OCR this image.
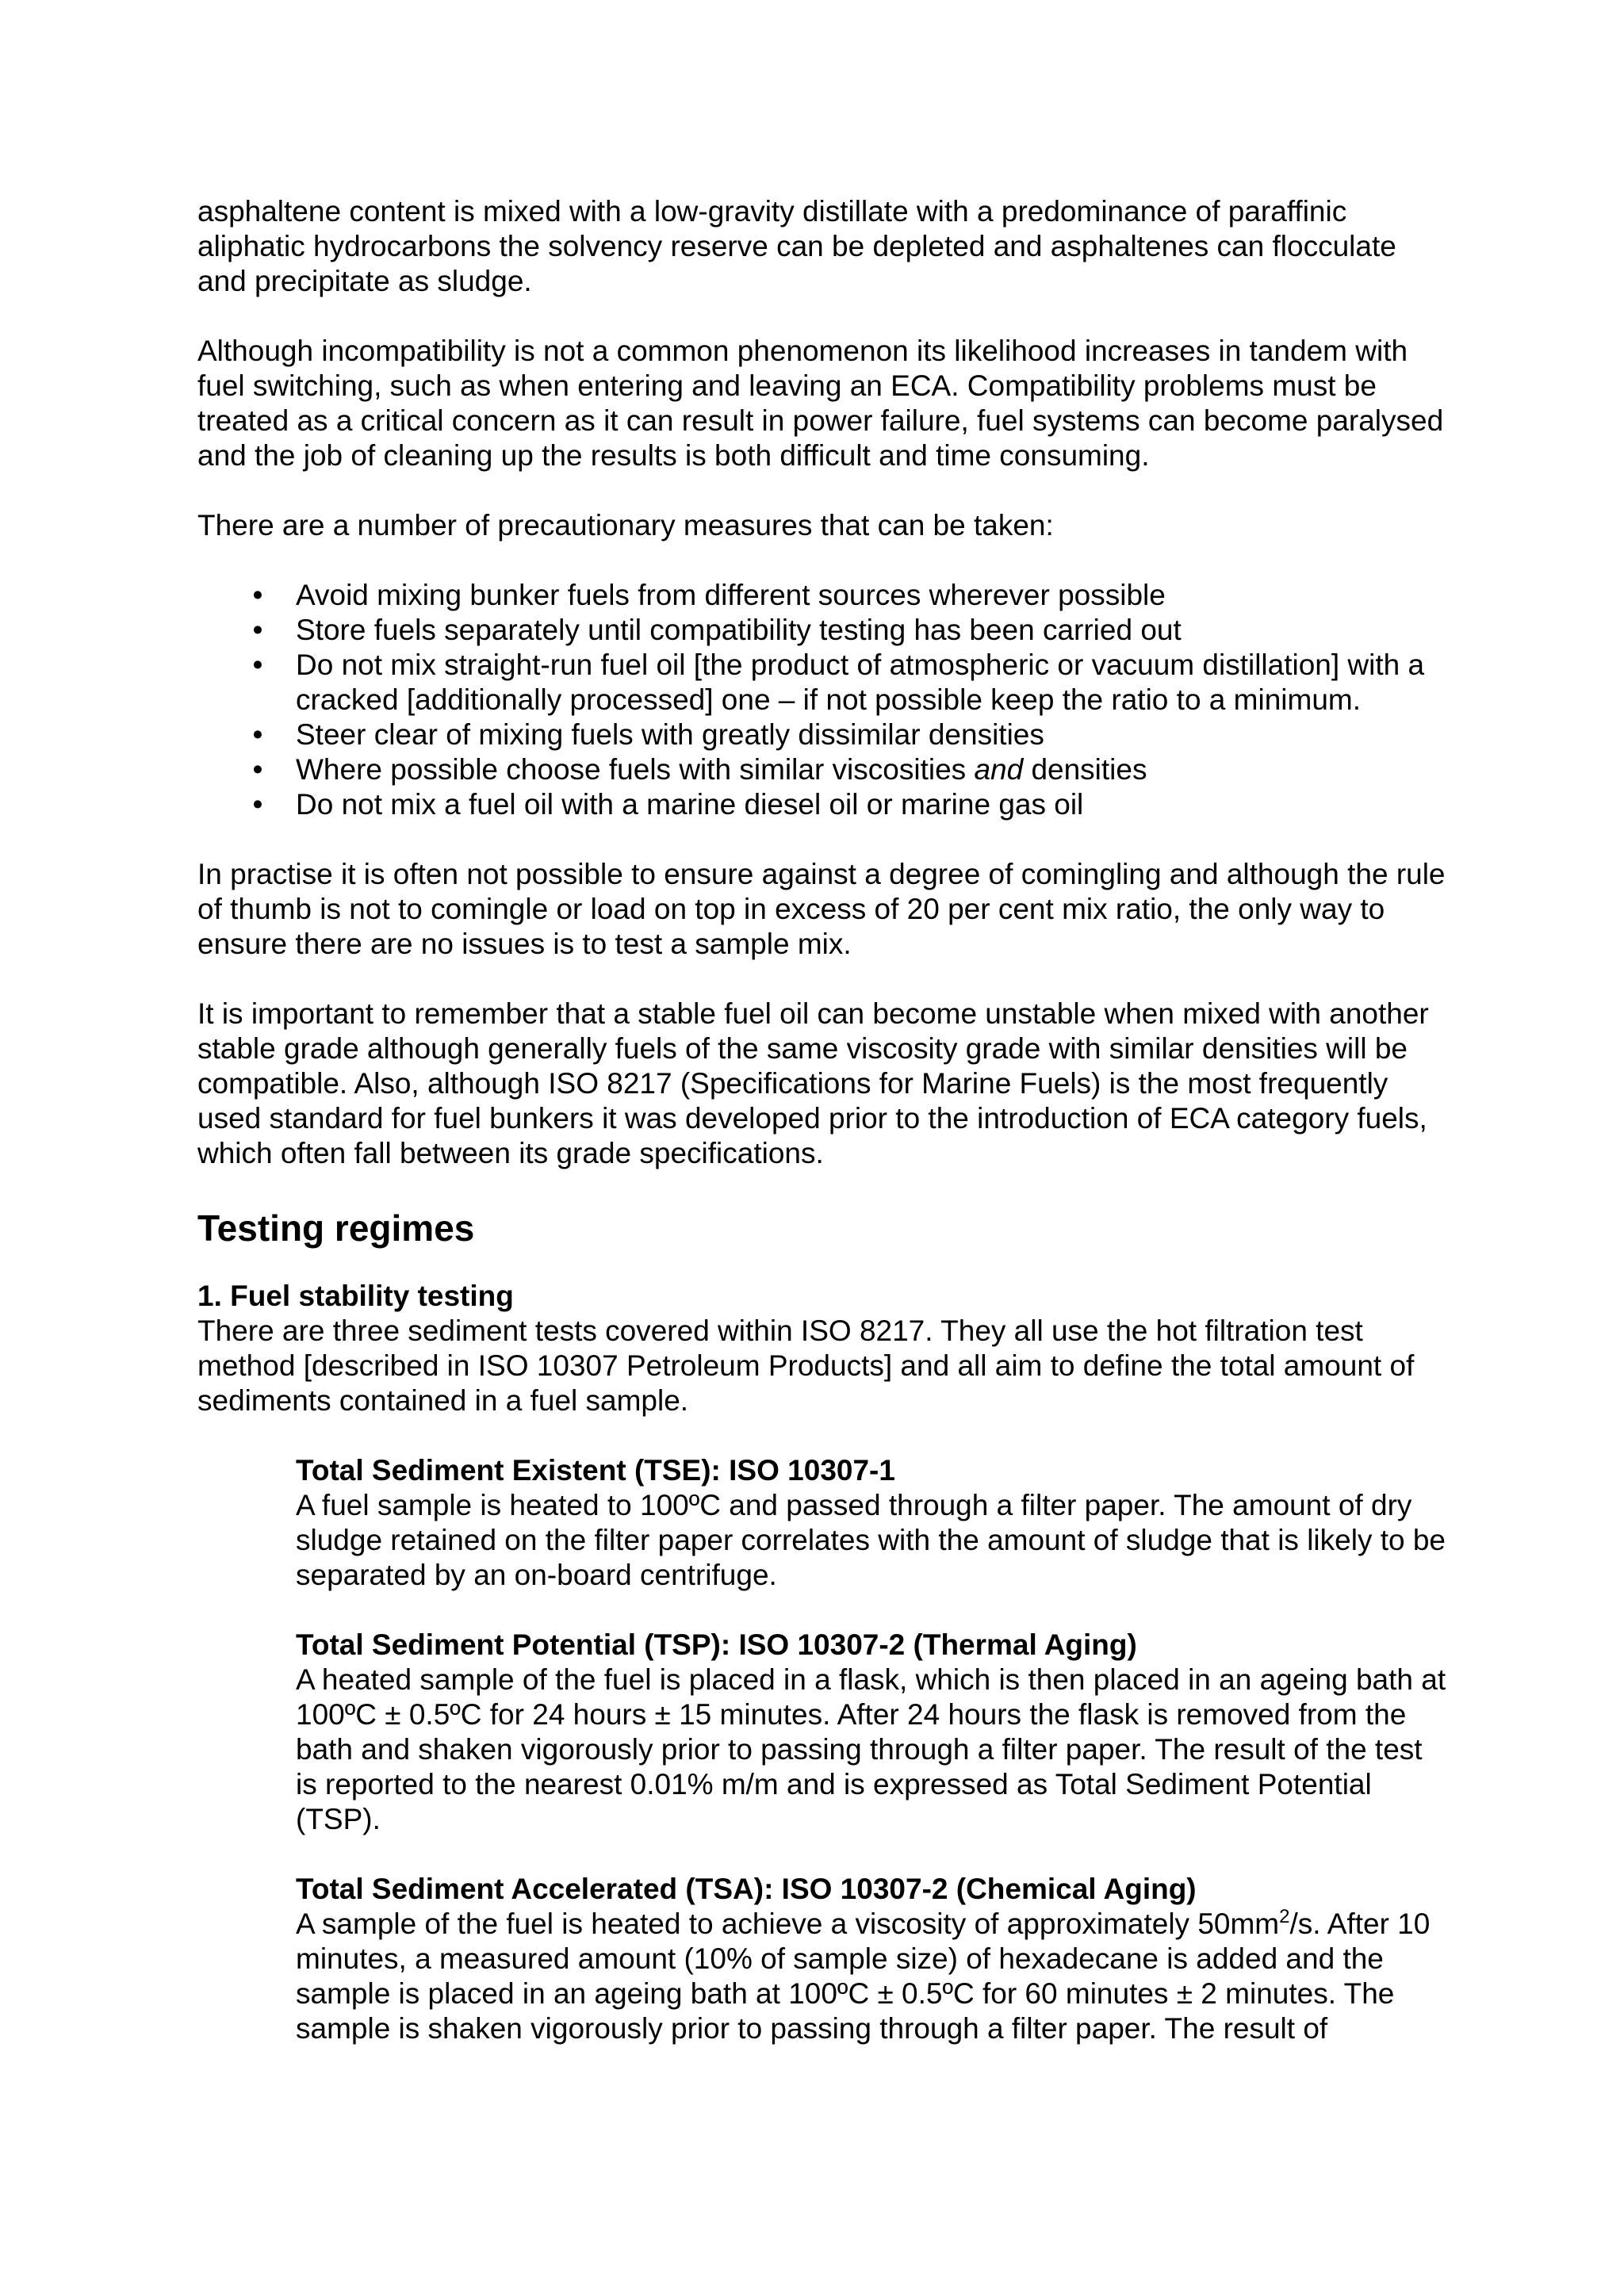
asphaltene content is mixed with a low-gravity distillate with a predominance of paraffinic aliphatic hydrocarbons the solvency reserve can be depleted and asphaltenes can flocculate and precipitate as sludge.

Although incompatibility is not a common phenomenon its likelihood increases in tandem with fuel switching, such as when entering and leaving an ECA. Compatibility problems must be treated as a critical concern as it can result in power failure, fuel systems can become paralysed and the job of cleaning up the results is both difficult and time consuming.

There are a number of precautionary measures that can be taken:

• Avoid mixing bunker fuels from different sources wherever possible
• Store fuels separately until compatibility testing has been carried out
• Do not mix straight-run fuel oil [the product of atmospheric or vacuum distillation] with a cracked [additionally processed] one – if not possible keep the ratio to a minimum.
• Steer clear of mixing fuels with greatly dissimilar densities
• Where possible choose fuels with similar viscosities and densities
• Do not mix a fuel oil with a marine diesel oil or marine gas oil

In practise it is often not possible to ensure against a degree of comingling and although the rule of thumb is not to comingle or load on top in excess of 20 per cent mix ratio, the only way to ensure there are no issues is to test a sample mix.

It is important to remember that a stable fuel oil can become unstable when mixed with another stable grade although generally fuels of the same viscosity grade with similar densities will be compatible. Also, although ISO 8217 (Specifications for Marine Fuels) is the most frequently used standard for fuel bunkers it was developed prior to the introduction of ECA category fuels, which often fall between its grade specifications.

Testing regimes

1. Fuel stability testing

There are three sediment tests covered within ISO 8217. They all use the hot filtration test method [described in ISO 10307 Petroleum Products] and all aim to define the total amount of sediments contained in a fuel sample.

Total Sediment Existent (TSE): ISO 10307-1

A fuel sample is heated to 100ºC and passed through a filter paper. The amount of dry sludge retained on the filter paper correlates with the amount of sludge that is likely to be separated by an on-board centrifuge.

Total Sediment Potential (TSP): ISO 10307-2 (Thermal Aging)

A heated sample of the fuel is placed in a flask, which is then placed in an ageing bath at 100ºC ± 0.5ºC for 24 hours ± 15 minutes. After 24 hours the flask is removed from the bath and shaken vigorously prior to passing through a filter paper. The result of the test is reported to the nearest 0.01% m/m and is expressed as Total Sediment Potential (TSP).

Total Sediment Accelerated (TSA): ISO 10307-2 (Chemical Aging)

A sample of the fuel is heated to achieve a viscosity of approximately $50mm^2/s$. After 10 minutes, a measured amount (10% of sample size) of hexadecane is added and the sample is placed in an ageing bath at 100ºC ± 0.5ºC for 60 minutes ± 2 minutes. The sample is shaken vigorously prior to passing through a filter paper. The result of
